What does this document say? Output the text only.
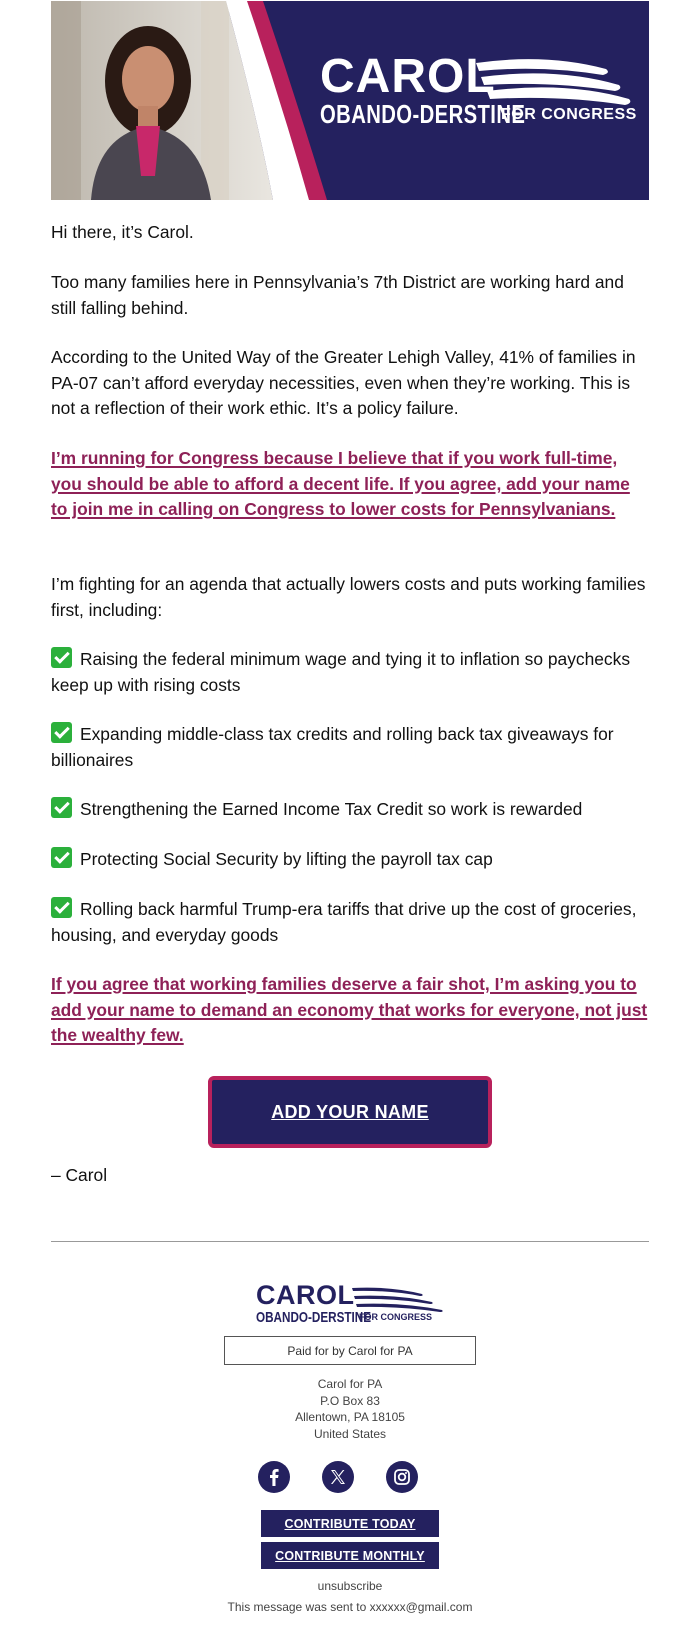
CAROL
OBANDO-DERSTINE
FOR CONGRESS
Hi there, it’s Carol.
Too many families here in Pennsylvania’s 7th District are working hard and still falling behind.
According to the United Way of the Greater Lehigh Valley, 41% of families in PA-07 can’t afford everyday necessities, even when they’re working. This is not a reflection of their work ethic. It’s a policy failure.
I’m running for Congress because I believe that if you work full-time, you should be able to afford a decent life. If you agree, add your name to join me in calling on Congress to lower costs for Pennsylvanians.
I’m fighting for an agenda that actually lowers costs and puts working families first, including:
Raising the federal minimum wage and tying it to inflation so paychecks keep up with rising costs
Expanding middle-class tax credits and rolling back tax giveaways for billionaires
Strengthening the Earned Income Tax Credit so work is rewarded
Protecting Social Security by lifting the payroll tax cap
Rolling back harmful Trump-era tariffs that drive up the cost of groceries, housing, and everyday goods
If you agree that working families deserve a fair shot, I’m asking you to add your name to demand an economy that works for everyone, not just the wealthy few.
ADD YOUR NAME
– Carol
CAROL
OBANDO-DERSTINE
FOR CONGRESS
Paid for by Carol for PA
Carol for PA
P.O Box 83
Allentown, PA 18105
United States
CONTRIBUTE TODAY
CONTRIBUTE MONTHLY
unsubscribe
This message was sent to xxxxxx@gmail.com
